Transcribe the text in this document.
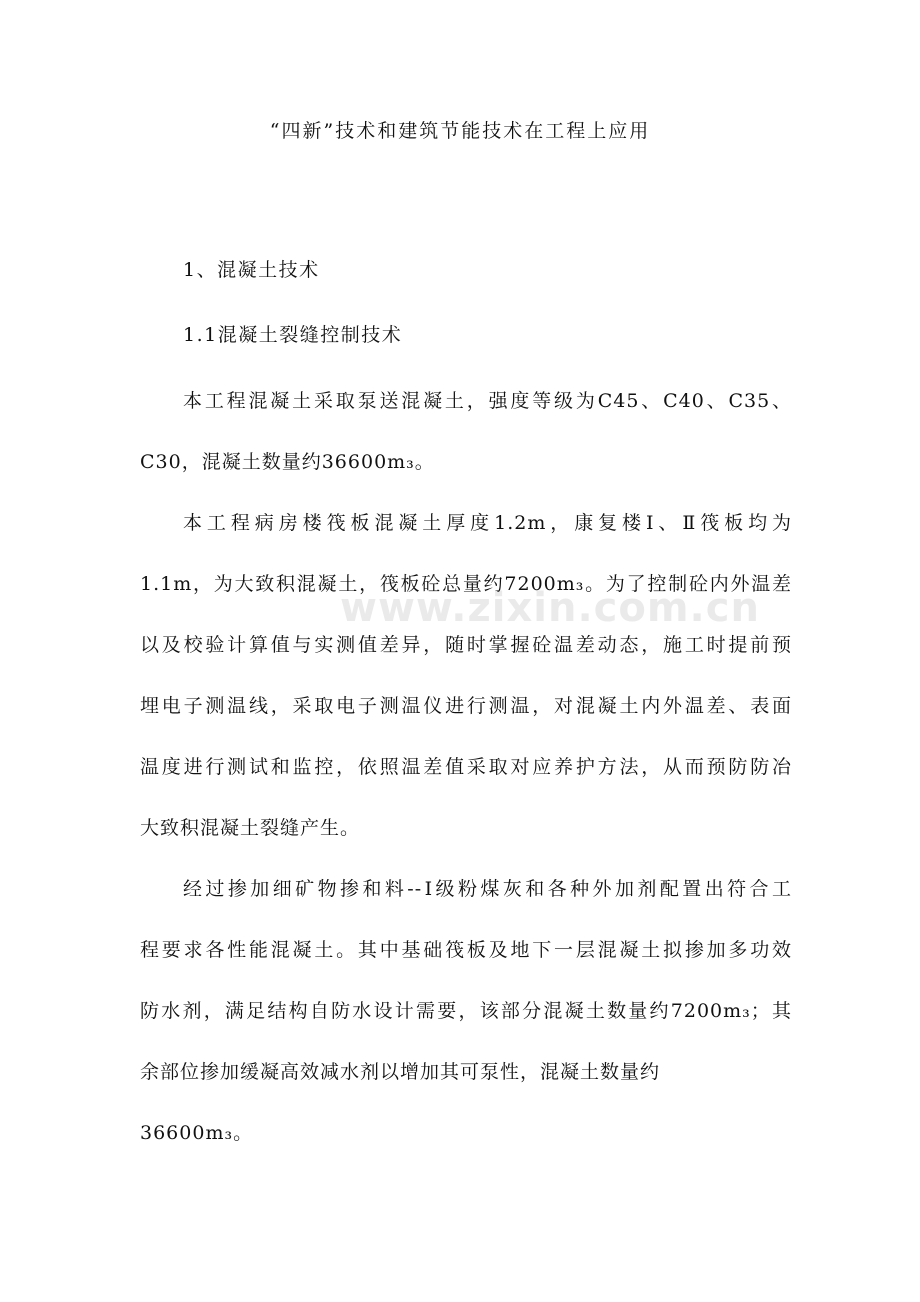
“四新”技术和建筑节能技术在工程上应用
1、混凝土技术
1.1混凝土裂缝控制技术
本工程混凝土采取泵送混凝土，强度等级为C45、C40、C35、
C30，混凝土数量约36600m₃。
本工程病房楼筏板混凝土厚度1.2m，康复楼Ⅰ、Ⅱ筏板均为
1.1m，为大致积混凝土，筏板砼总量约7200m₃。为了控制砼内外温差
以及校验计算值与实测值差异，随时掌握砼温差动态，施工时提前预
埋电子测温线，采取电子测温仪进行测温，对混凝土内外温差、表面
温度进行测试和监控，依照温差值采取对应养护方法，从而预防防冶
大致积混凝土裂缝产生。
经过掺加细矿物掺和料--Ⅰ级粉煤灰和各种外加剂配置出符合工
程要求各性能混凝土。其中基础筏板及地下一层混凝土拟掺加多功效
防水剂，满足结构自防水设计需要，该部分混凝土数量约7200m₃；其
余部位掺加缓凝高效减水剂以增加其可泵性，混凝土数量约
36600m₃。
www.zixin.com.cn
